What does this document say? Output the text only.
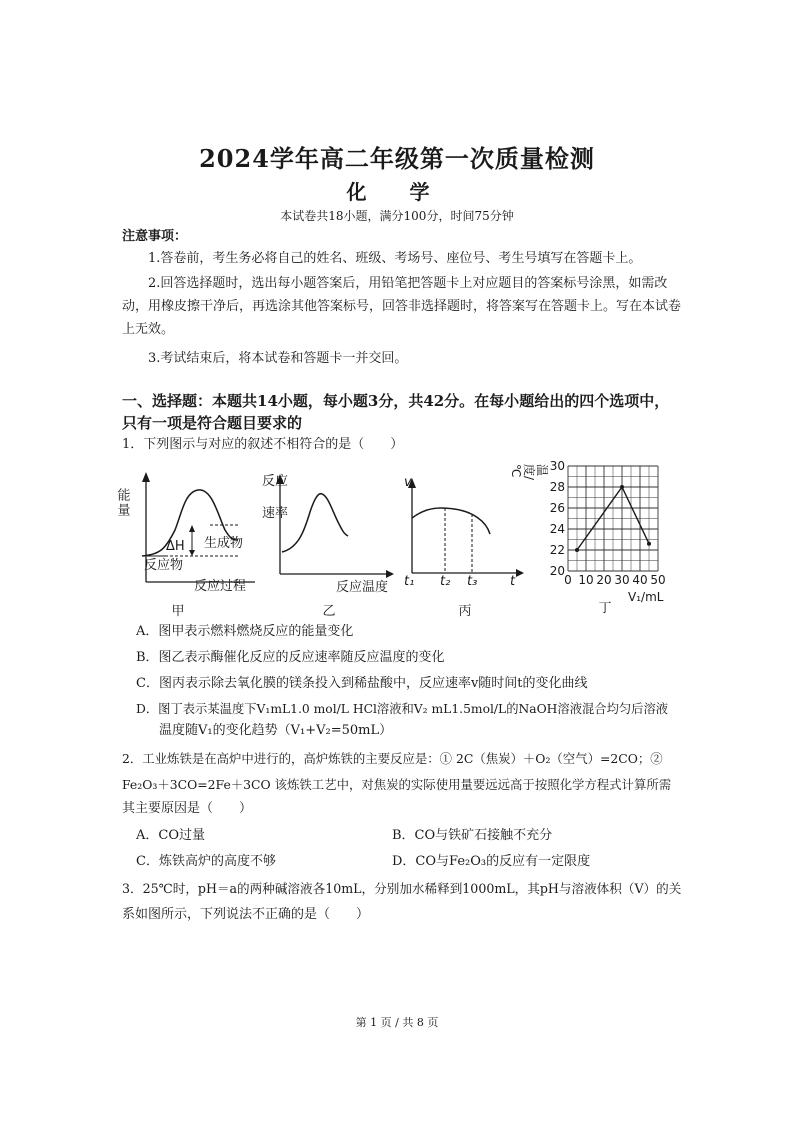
2024学年高二年级第一次质量检测
化 学
本试卷共18小题，满分100分，时间75分钟
注意事项：
1.答卷前，考生务必将自己的姓名、班级、考场号、座位号、考生号填写在答题卡上。
2.回答选择题时，选出每小题答案后，用铅笔把答题卡上对应题目的答案标号涂黑，如需改动，用橡皮擦干净后，再选涂其他答案标号，回答非选择题时，将答案写在答题卡上。写在本试卷上无效。
3.考试结束后，将本试卷和答题卡一并交回。
一、选择题：本题共14小题，每小题3分，共42分。在每小题给出的四个选项中，只有一项是符合题目要求的
1．下列图示与对应的叙述不相符合的是（　　）
能量
ΔH 生成物
反应物
反应过程
甲
反应
速率
反应温度
乙
v
t₁ t₂ t₃	t
丙
20
22
24
26
28
30
0 10 20 30 40 50
V₁/mL
温度/℃
丁
A．图甲表示燃料燃烧反应的能量变化
B．图乙表示酶催化反应的反应速率随反应温度的变化
C．图丙表示除去氧化膜的镁条投入到稀盐酸中，反应速率v随时间t的变化曲线
D．图丁表示某温度下V₁mL1.0 mol/L HCl溶液和V₂ mL1.5mol/L的NaOH溶液混合均匀后溶液
温度随V₁的变化趋势（V₁+V₂=50mL）
2．工业炼铁是在高炉中进行的，高炉炼铁的主要反应是：① 2C（焦炭）＋O₂（空气）=2CO；②
Fe₂O₃＋3CO=2Fe＋3CO 该炼铁工艺中，对焦炭的实际使用量要远远高于按照化学方程式计算所需
其主要原因是（　　）
A．CO过量	B．CO与铁矿石接触不充分
C．炼铁高炉的高度不够	D．CO与Fe₂O₃的反应有一定限度
3．25℃时，pH＝a的两种碱溶液各10mL，分别加水稀释到1000mL，其pH与溶液体积（V）的关
系如图所示，下列说法不正确的是（　　）
第 1 页 / 共 8 页
